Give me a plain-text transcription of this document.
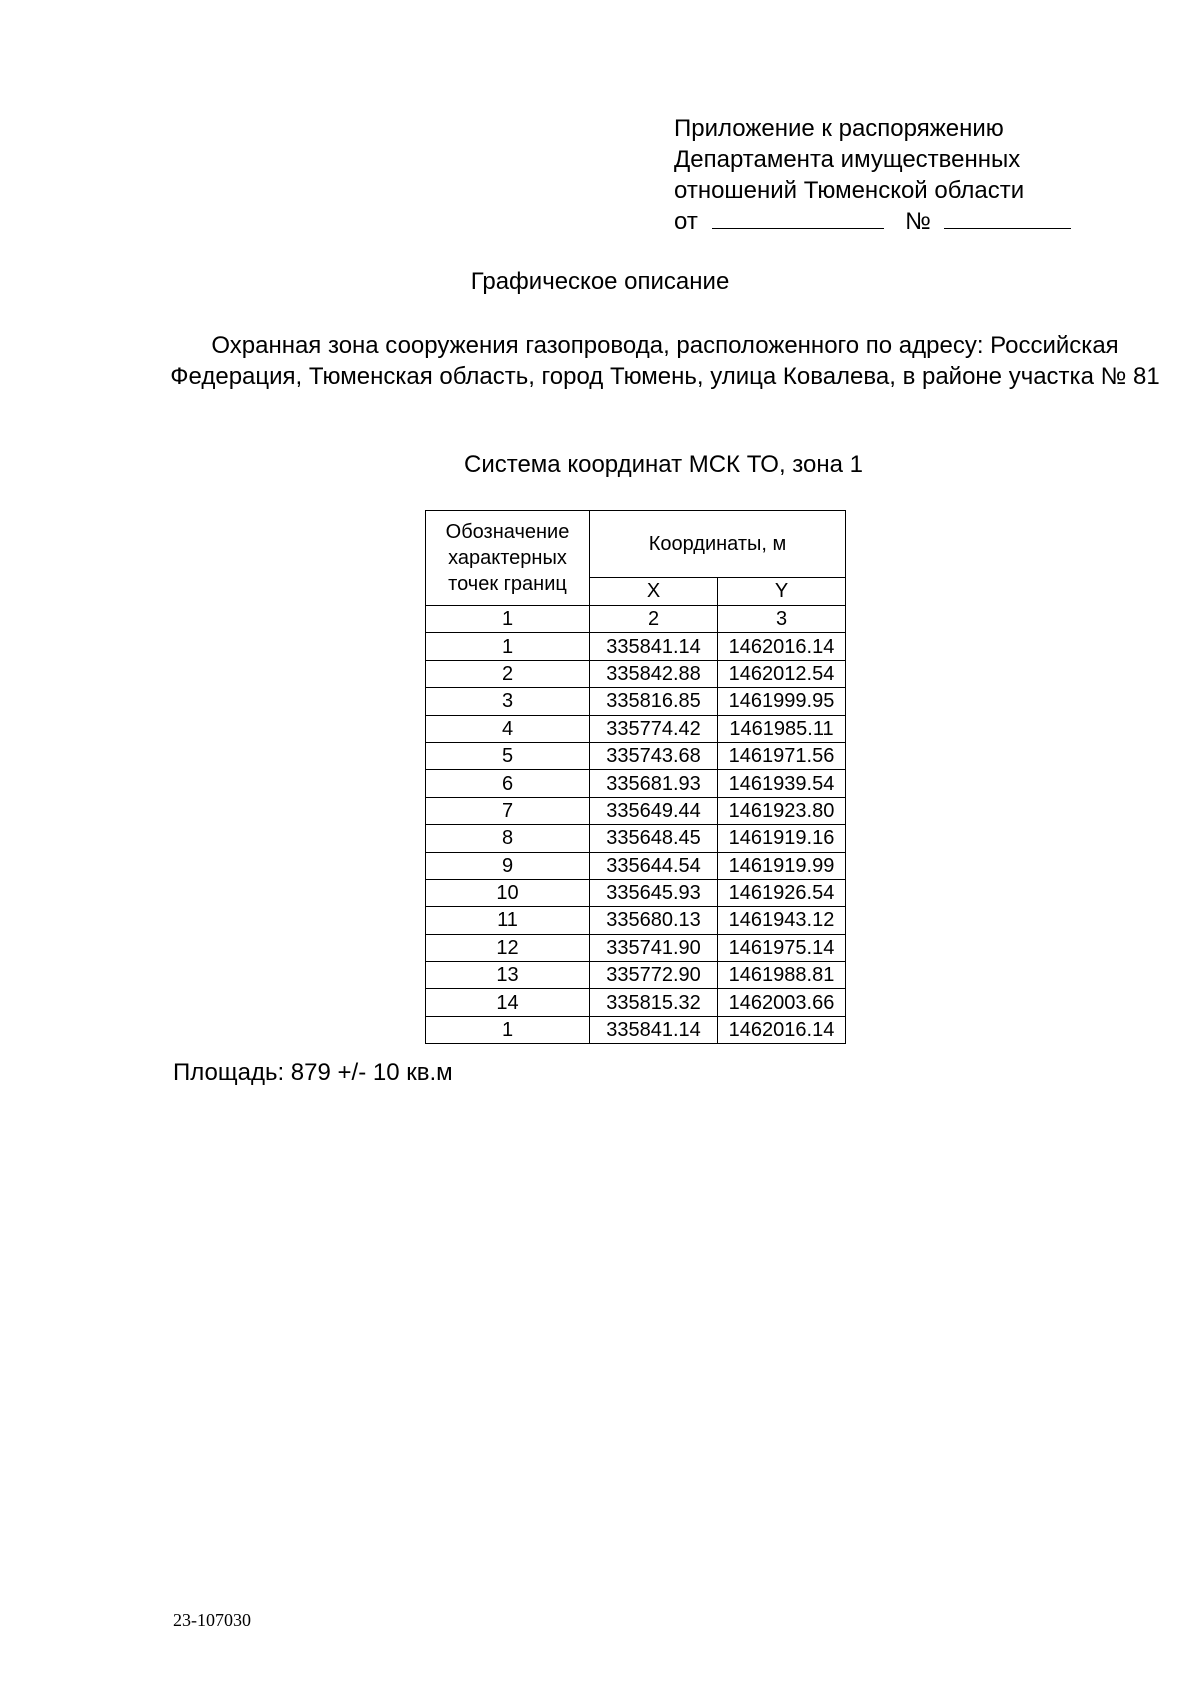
Приложение к распоряжению
Департамента имущественных
отношений Тюменской области
от	№
Графическое описание
Охранная зона сооружения газопровода, расположенного по адресу: Российская Федерация, Тюменская область, город Тюмень, улица Ковалева, в районе участка № 81
Система координат МСК ТО, зона 1
Обозначение характерных точек границ	Координаты, м	
	X	Y
1	2	3
1	335841.14	1462016.14
2	335842.88	1462012.54
3	335816.85	1461999.95
4	335774.42	1461985.11
5	335743.68	1461971.56
6	335681.93	1461939.54
7	335649.44	1461923.80
8	335648.45	1461919.16
9	335644.54	1461919.99
10	335645.93	1461926.54
11	335680.13	1461943.12
12	335741.90	1461975.14
13	335772.90	1461988.81
14	335815.32	1462003.66
1	335841.14	1462016.14
Площадь: 879 +/- 10 кв.м
23-107030
